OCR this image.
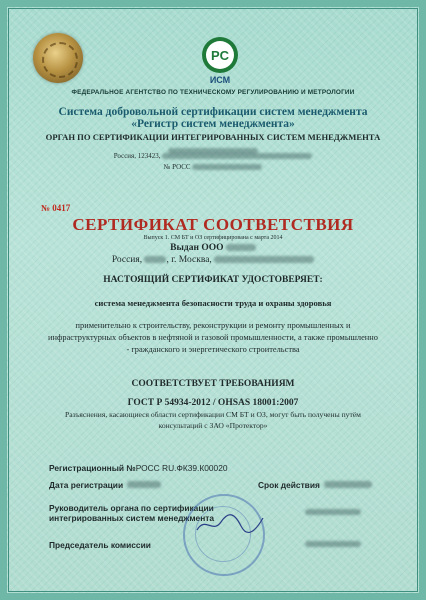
PC
ИСМ
ФЕДЕРАЛЬНОЕ АГЕНТСТВО ПО ТЕХНИЧЕСКОМУ РЕГУЛИРОВАНИЮ И МЕТРОЛОГИИ
Система добровольной сертификации систем менеджмента
«Регистр систем менеджмента»
ОРГАН ПО СЕРТИФИКАЦИИ ИНТЕГРИРОВАННЫХ СИСТЕМ МЕНЕДЖМЕНТА
Россия, 123423,
№ РОСС
№ 0417
СЕРТИФИКАТ СООТВЕТСТВИЯ
Выпуск 1. СМ БТ и ОЗ сертифицирована с марта 2014
Выдан ООО
Россия,	, г. Москва,
НАСТОЯЩИЙ СЕРТИФИКАТ УДОСТОВЕРЯЕТ:
система менеджмента безопасности труда и охраны здоровья
применительно к строительству, реконструкции и ремонту промышленных и инфраструктурных объектов в нефтяной и газовой промышленности, а также промышленно - гражданского и энергетического строительства
СООТВЕТСТВУЕТ ТРЕБОВАНИЯМ
ГОСТ Р 54934-2012 / OHSAS 18001:2007
Разъяснения, касающиеся области сертификации СМ БТ и ОЗ, могут быть получены путём консультаций с ЗАО «Протектор»
Регистрационный №РОСС RU.ФК39.К00020
Дата регистрации	Срок действия
Руководитель органа по сертификации интегрированных систем менеджмента
Председатель комиссии
